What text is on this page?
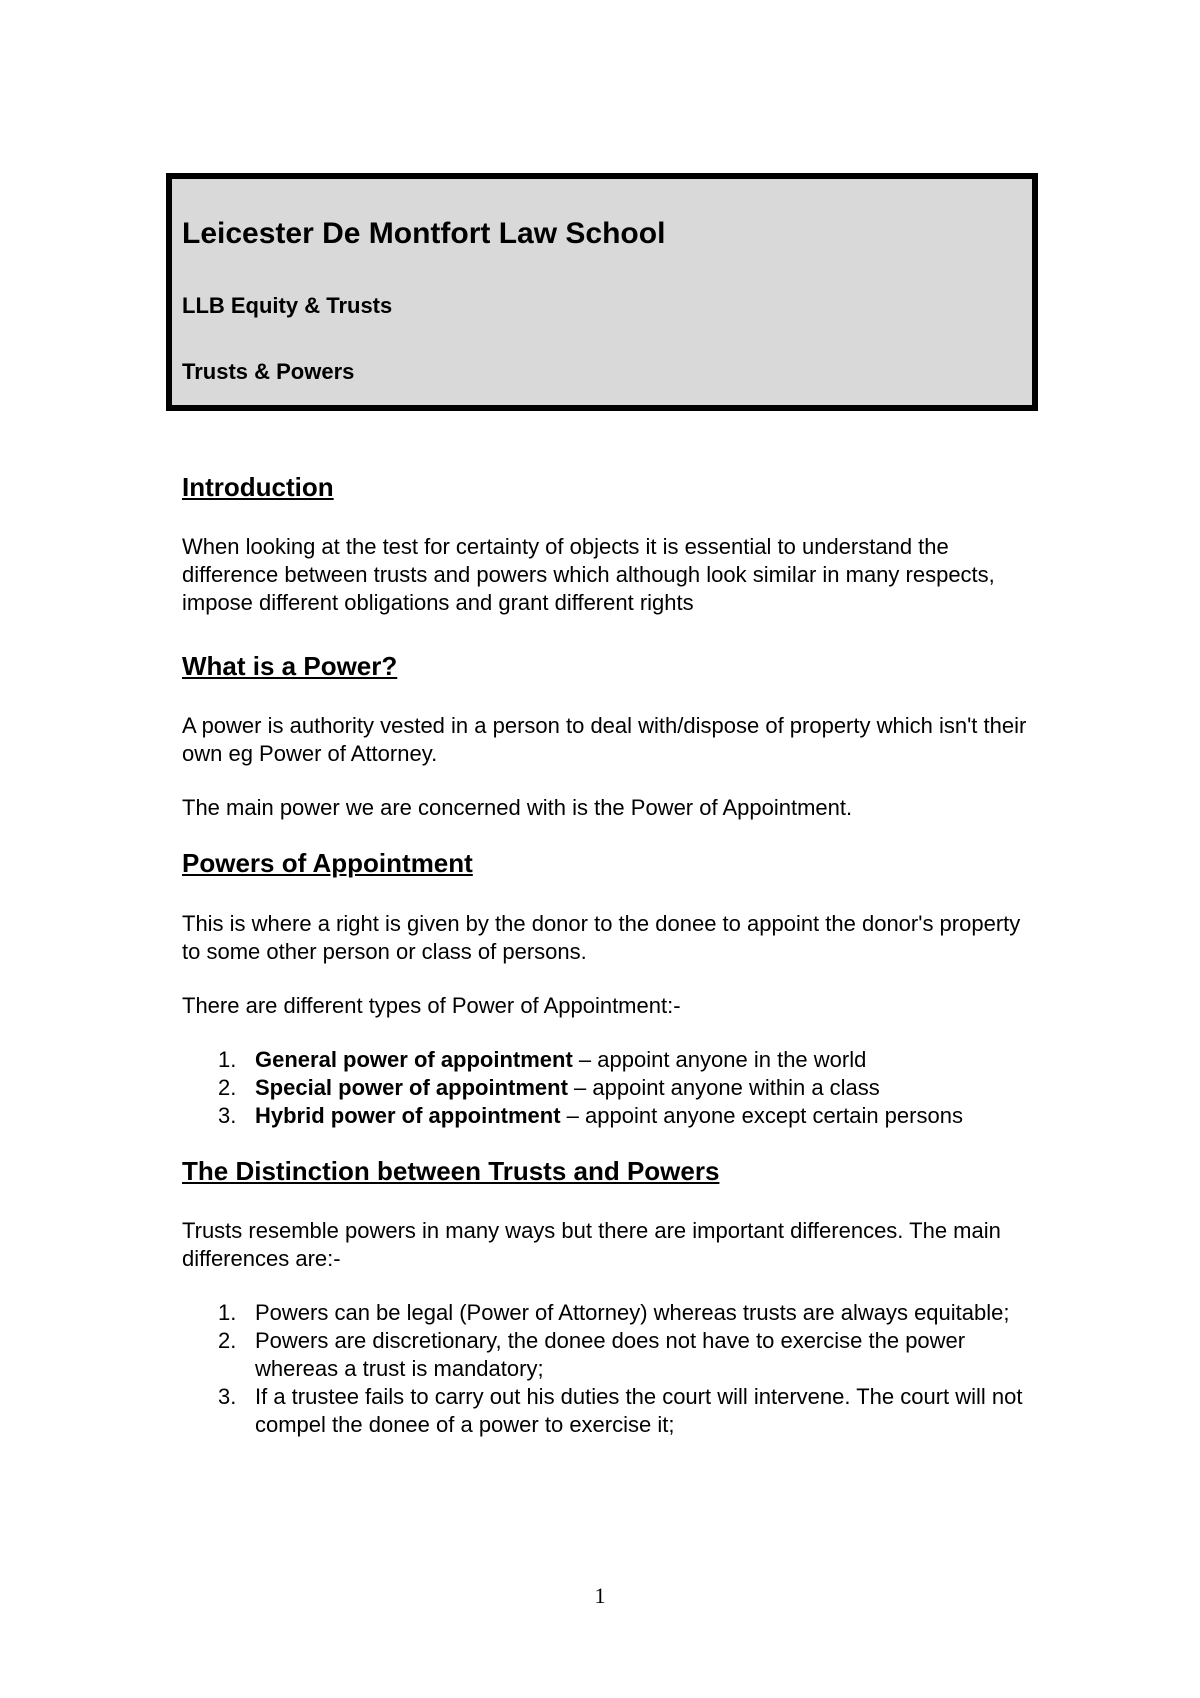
Leicester De Montfort Law School
LLB Equity & Trusts
Trusts & Powers
Introduction

When looking at the test for certainty of objects it is essential to understand the difference between trusts and powers which although look similar in many respects, impose different obligations and grant different rights

What is a Power?

A power is authority vested in a person to deal with/dispose of property which isn't their own eg Power of Attorney.

The main power we are concerned with is the Power of Appointment.

Powers of Appointment

This is where a right is given by the donor to the donee to appoint the donor's property to some other person or class of persons.

There are different types of Power of Appointment:-

1. General power of appointment – appoint anyone in the world
2. Special power of appointment – appoint anyone within a class
3. Hybrid power of appointment – appoint anyone except certain persons
The Distinction between Trusts and Powers

Trusts resemble powers in many ways but there are important differences. The main differences are:-

1. Powers can be legal (Power of Attorney) whereas trusts are always equitable;
2. Powers are discretionary, the donee does not have to exercise the power whereas a trust is mandatory;
3. If a trustee fails to carry out his duties the court will intervene. The court will not compel the donee of a power to exercise it;
1
